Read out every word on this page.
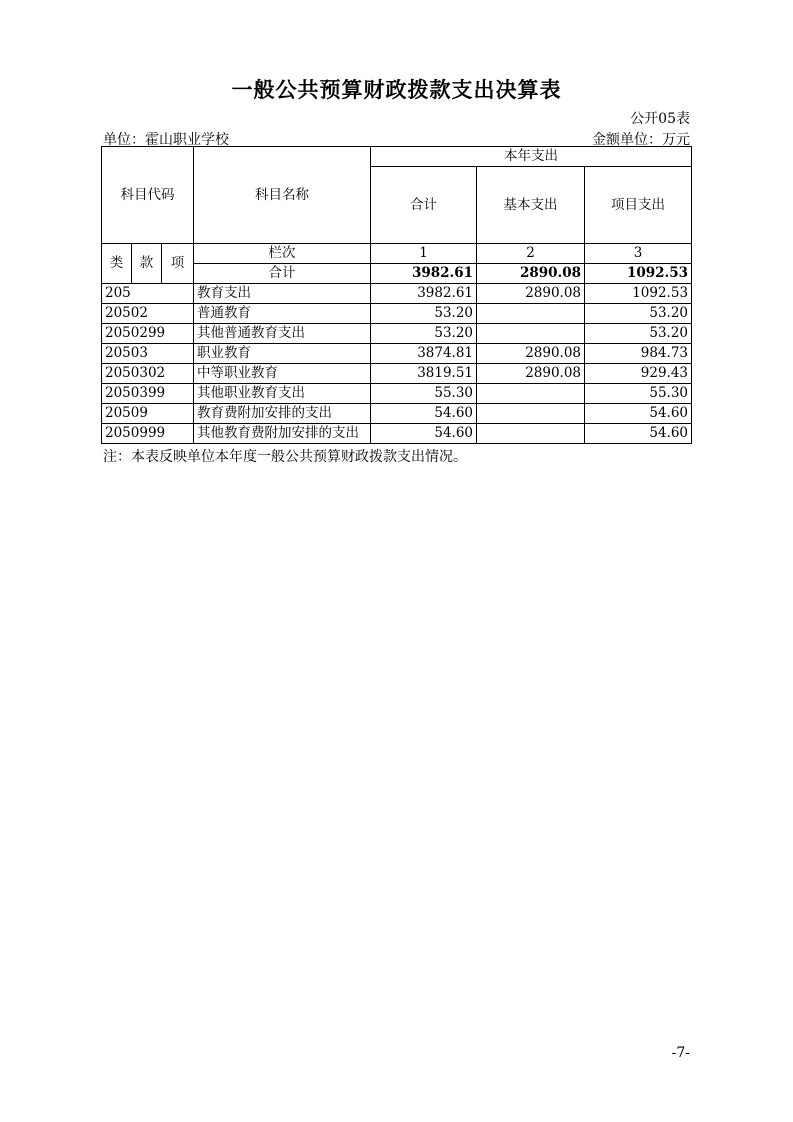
一般公共预算财政拨款支出决算表
公开05表
单位：霍山职业学校	金额单位：万元
科目代码			科目名称	本年支出		
				合计	基本支出	项目支出
类	款	项	栏次	1	2	3
			合计	3982.61	2890.08	1092.53
205			教育支出	3982.61	2890.08	1092.53
20502			普通教育	53.20		53.20
2050299			其他普通教育支出	53.20		53.20
20503			职业教育	3874.81	2890.08	984.73
2050302			中等职业教育	3819.51	2890.08	929.43
2050399			其他职业教育支出	55.30		55.30
20509			教育费附加安排的支出	54.60		54.60
2050999			其他教育费附加安排的支出	54.60		54.60
注：本表反映单位本年度一般公共预算财政拨款支出情况。
-7-
